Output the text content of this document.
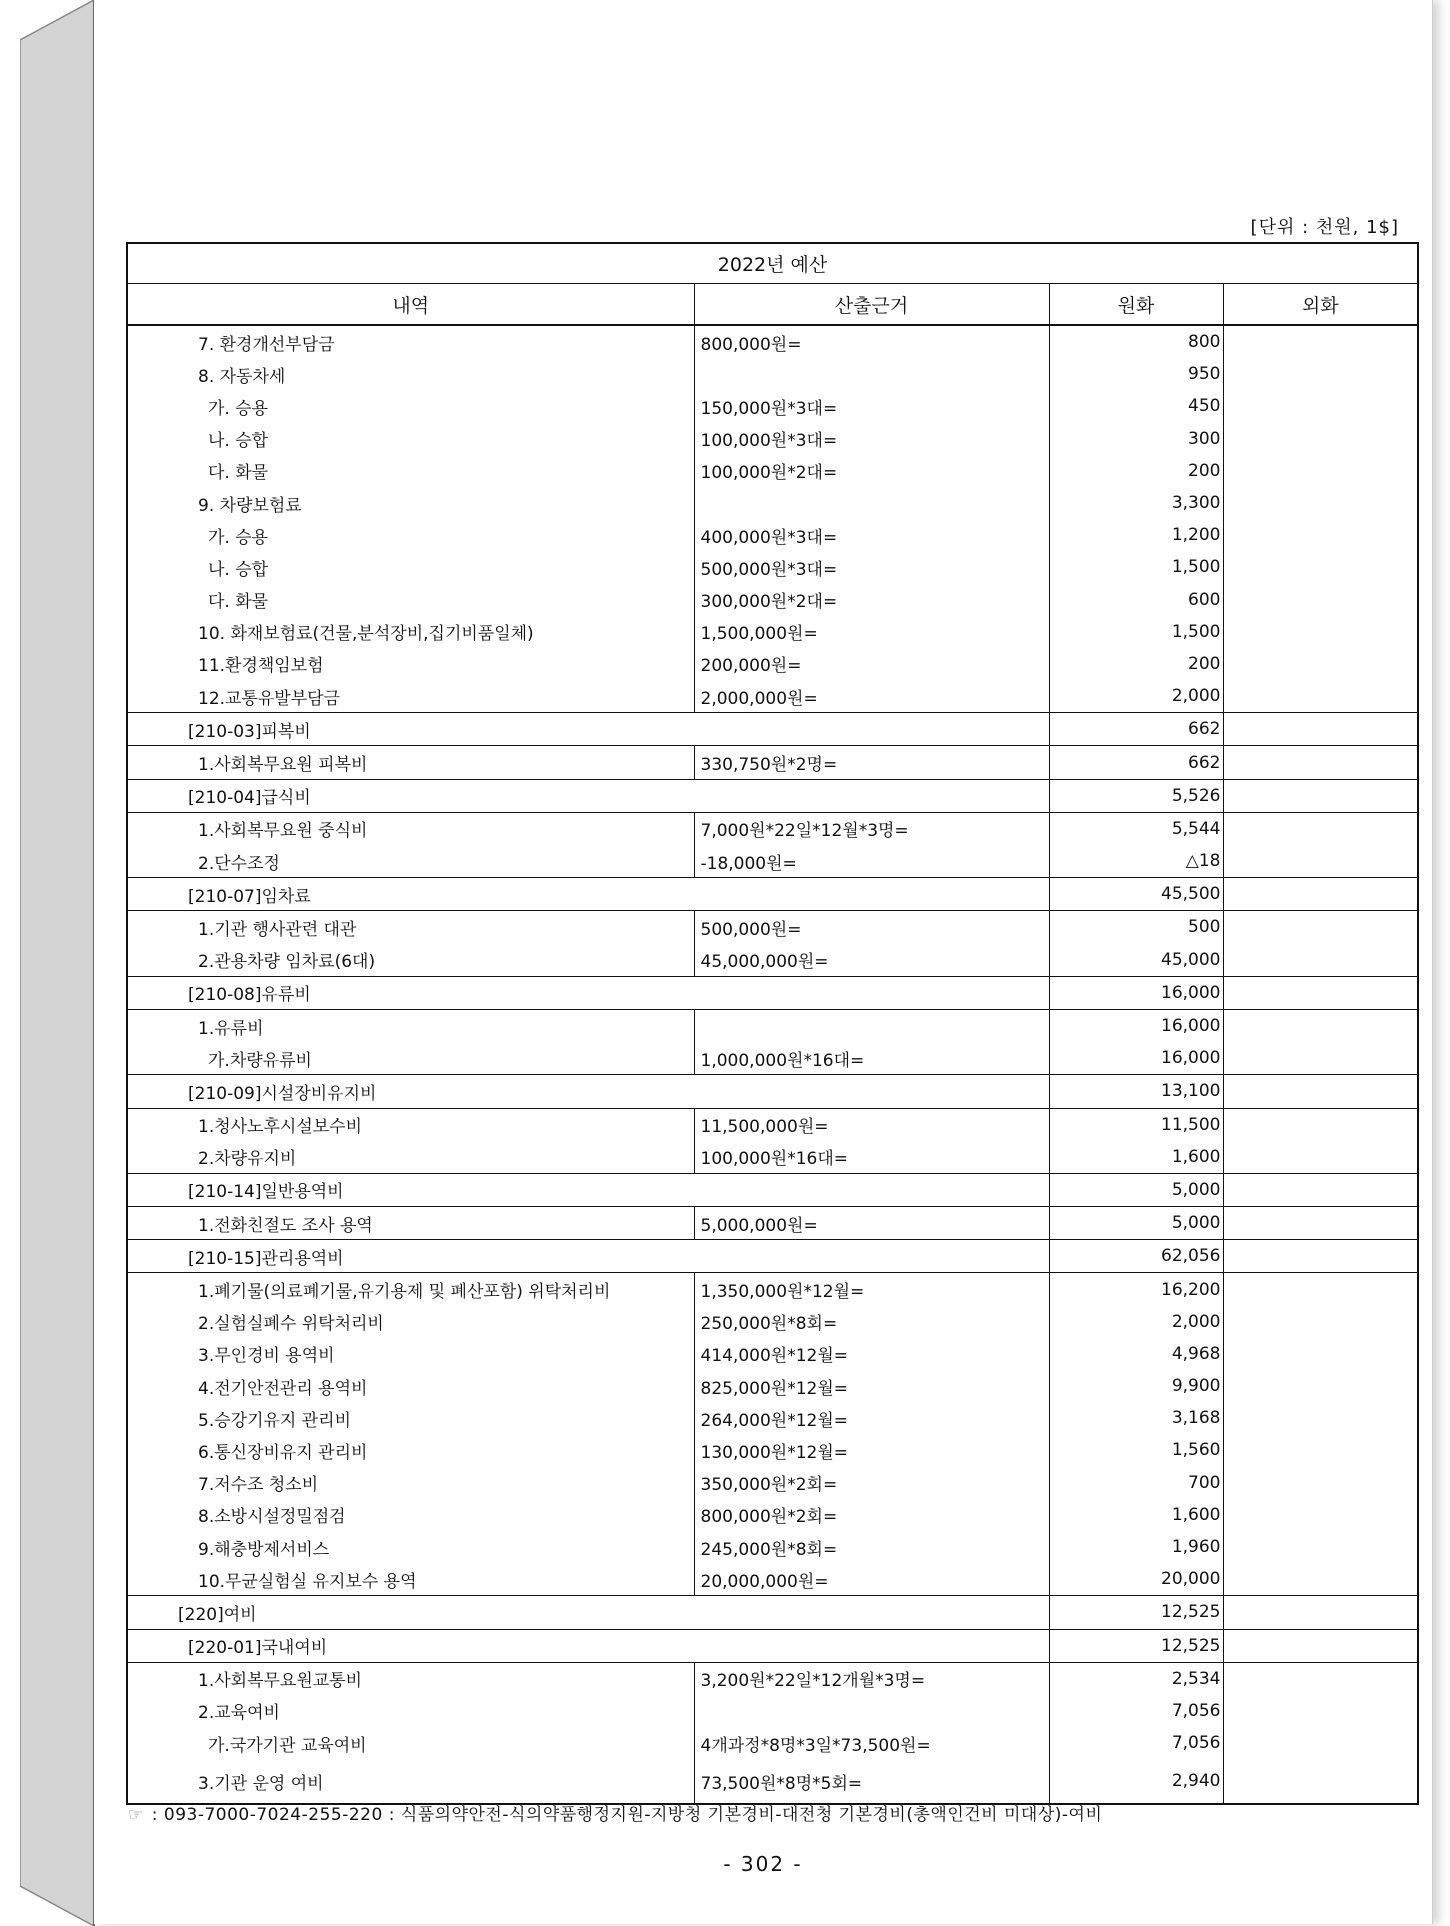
[단위 : 천원, 1$]
2022년 예산			
내역	산출근거	원화	외화
7. 환경개선부담금	800,000원=	800	
8. 자동차세		950	
가. 승용	150,000원*3대=	450	
나. 승합	100,000원*3대=	300	
다. 화물	100,000원*2대=	200	
9. 차량보험료		3,300	
가. 승용	400,000원*3대=	1,200	
나. 승합	500,000원*3대=	1,500	
다. 화물	300,000원*2대=	600	
10. 화재보험료(건물,분석장비,집기비품일체)	1,500,000원=	1,500	
11.환경책임보험	200,000원=	200	
12.교통유발부담금	2,000,000원=	2,000	
[210-03]피복비		662	
1.사회복무요원 피복비	330,750원*2명=	662	
[210-04]급식비		5,526	
1.사회복무요원 중식비	7,000원*22일*12월*3명=	5,544	
2.단수조정	-18,000원=	△18	
[210-07]임차료		45,500	
1.기관 행사관련 대관	500,000원=	500	
2.관용차량 임차료(6대)	45,000,000원=	45,000	
[210-08]유류비		16,000	
1.유류비		16,000	
가.차량유류비	1,000,000원*16대=	16,000	
[210-09]시설장비유지비		13,100	
1.청사노후시설보수비	11,500,000원=	11,500	
2.차량유지비	100,000원*16대=	1,600	
[210-14]일반용역비		5,000	
1.전화친절도 조사 용역	5,000,000원=	5,000	
[210-15]관리용역비		62,056	
1.폐기물(의료폐기물,유기용제 및 폐산포함) 위탁처리비	1,350,000원*12월=	16,200	
2.실험실폐수 위탁처리비	250,000원*8회=	2,000	
3.무인경비 용역비	414,000원*12월=	4,968	
4.전기안전관리 용역비	825,000원*12월=	9,900	
5.승강기유지 관리비	264,000원*12월=	3,168	
6.통신장비유지 관리비	130,000원*12월=	1,560	
7.저수조 청소비	350,000원*2회=	700	
8.소방시설정밀점검	800,000원*2회=	1,600	
9.해충방제서비스	245,000원*8회=	1,960	
10.무균실험실 유지보수 용역	20,000,000원=	20,000	
[220]여비		12,525	
[220-01]국내여비		12,525	
1.사회복무요원교통비	3,200원*22일*12개월*3명=	2,534	
2.교육여비		7,056	
가.국가기관 교육여비	4개과정*8명*3일*73,500원=	7,056	
3.기관 운영 여비	73,500원*8명*5회=	2,940	
☞ : 093-7000-7024-255-220 : 식품의약안전-식의약품행정지원-지방청 기본경비-대전청 기본경비(총액인건비 미대상)-여비
- 302 -
